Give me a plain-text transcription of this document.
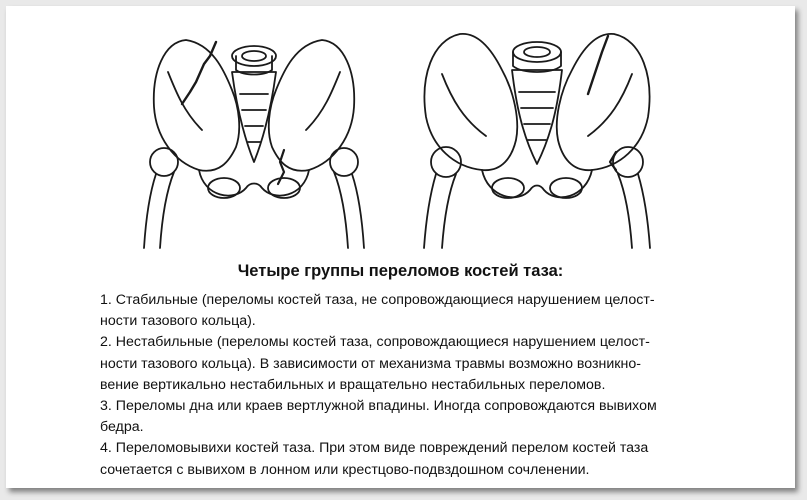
Четыре группы переломов костей таза:

1. Стабильные (переломы костей таза, не сопровождающиеся нарушением целост-

ности тазового кольца).

2. Нестабильные (переломы костей таза, сопровождающиеся нарушением целост-

ности тазового кольца). В зависимости от механизма травмы возможно возникно-

вение вертикально нестабильных и вращательно нестабильных переломов.

3. Переломы дна или краев вертлужной впадины. Иногда сопровождаются вывихом

бедра.

4. Переломовывихи костей таза. При этом виде повреждений перелом костей таза

сочетается с вывихом в лонном или крестцово-подвздошном сочленении.
